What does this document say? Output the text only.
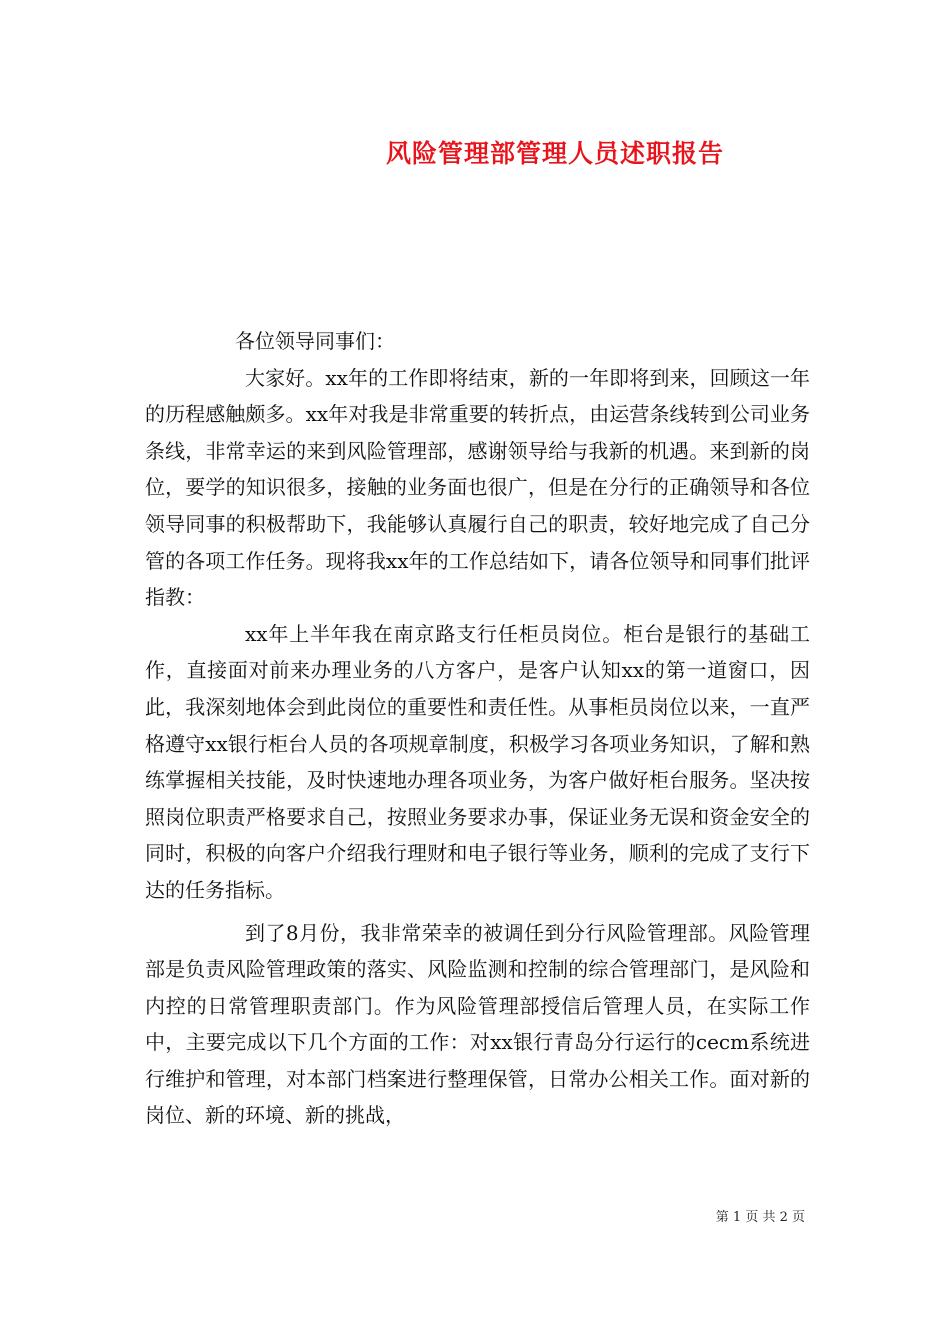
风险管理部管理人员述职报告

各位领导同事们：

大家好。xx年的工作即将结束，新的一年即将到来，回顾这一年的历程感触颇多。xx年对我是非常重要的转折点，由运营条线转到公司业务条线，非常幸运的来到风险管理部，感谢领导给与我新的机遇。来到新的岗位，要学的知识很多，接触的业务面也很广，但是在分行的正确领导和各位领导同事的积极帮助下，我能够认真履行自己的职责，较好地完成了自己分管的各项工作任务。现将我xx年的工作总结如下，请各位领导和同事们批评指教：

xx年上半年我在南京路支行任柜员岗位。柜台是银行的基础工作，直接面对前来办理业务的八方客户，是客户认知xx的第一道窗口，因此，我深刻地体会到此岗位的重要性和责任性。从事柜员岗位以来，一直严格遵守xx银行柜台人员的各项规章制度，积极学习各项业务知识，了解和熟练掌握相关技能，及时快速地办理各项业务，为客户做好柜台服务。坚决按照岗位职责严格要求自己，按照业务要求办事，保证业务无误和资金安全的同时，积极的向客户介绍我行理财和电子银行等业务，顺利的完成了支行下达的任务指标。

到了8月份，我非常荣幸的被调任到分行风险管理部。风险管理部是负责风险管理政策的落实、风险监测和控制的综合管理部门，是风险和内控的日常管理职责部门。作为风险管理部授信后管理人员，在实际工作中，主要完成以下几个方面的工作：对xx银行青岛分行运行的cecm系统进行维护和管理，对本部门档案进行整理保管，日常办公相关工作。面对新的岗位、新的环境、新的挑战，

第 1 页 共 2 页
